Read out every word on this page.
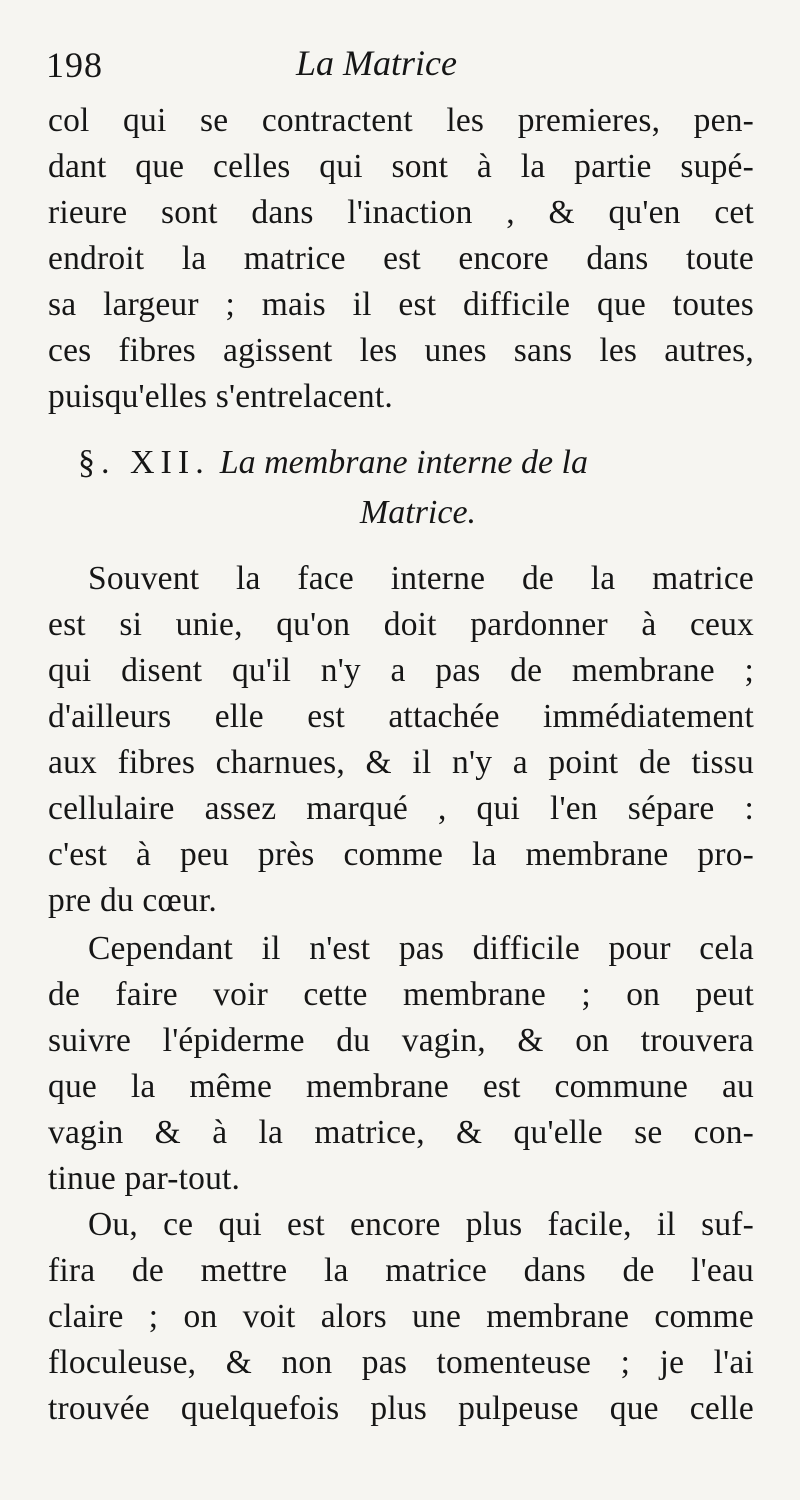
198	La Matrice
col qui se contractent les premieres, pen-
dant que celles qui sont à la partie supé-
rieure sont dans l'inaction , & qu'en cet
endroit la matrice est encore dans toute
sa largeur ; mais il est difficile que toutes
ces fibres agissent les unes sans les autres,
puisqu'elles s'entrelacent.
§. XII. La membrane interne de la
Matrice.
Souvent la face interne de la matrice
est si unie, qu'on doit pardonner à ceux
qui disent qu'il n'y a pas de membrane ;
d'ailleurs elle est attachée immédiatement
aux fibres charnues, & il n'y a point de tissu
cellulaire assez marqué , qui l'en sépare :
c'est à peu près comme la membrane pro-
pre du cœur.
Cependant il n'est pas difficile pour cela
de faire voir cette membrane ; on peut
suivre l'épiderme du vagin, & on trouvera
que la même membrane est commune au
vagin & à la matrice, & qu'elle se con-
tinue par-tout.
Ou, ce qui est encore plus facile, il suf-
fira de mettre la matrice dans de l'eau
claire ; on voit alors une membrane comme
floculeuse, & non pas tomenteuse ; je l'ai
trouvée quelquefois plus pulpeuse que celle
